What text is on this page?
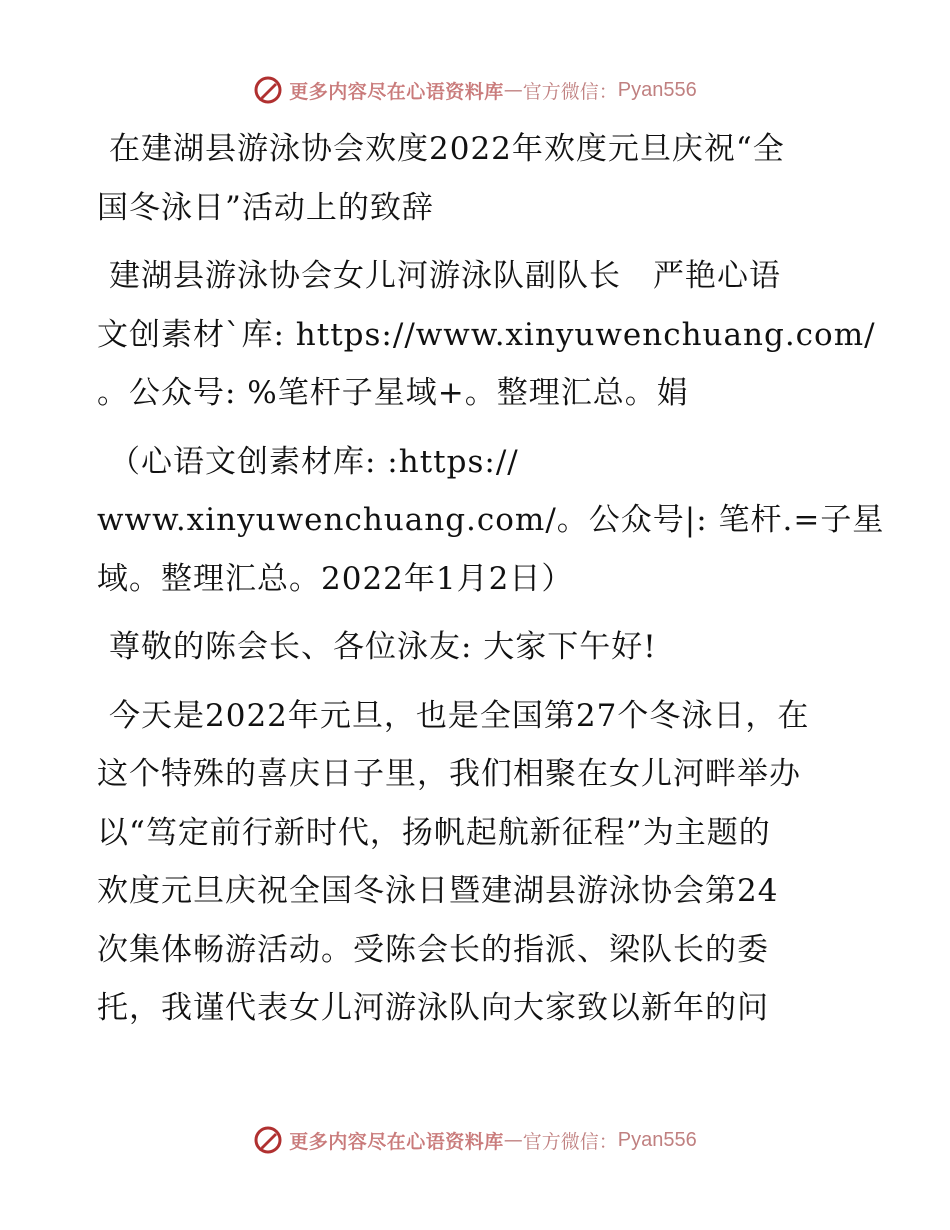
更多内容尽在心语资料库 — 官方微信： Pyan556
在建湖县游泳协会欢度2022年欢度元旦庆祝“全
国冬泳日”活动上的致辞
建湖县游泳协会女儿河游泳队副队长　严艳心语
文创素材`库: https://www.xinyuwenchuang.com/
。公众号: %笔杆子星域+。整理汇总。娟
（心语文创素材库: :https://
www.xinyuwenchuang.com/。公众号|: 笔杆.=子星
域。整理汇总。2022年1月2日）
尊敬的陈会长、各位泳友: 大家下午好!
今天是2022年元旦，也是全国第27个冬泳日，在
这个特殊的喜庆日子里，我们相聚在女儿河畔举办
以“笃定前行新时代，扬帆起航新征程”为主题的
欢度元旦庆祝全国冬泳日暨建湖县游泳协会第24
次集体畅游活动。受陈会长的指派、梁队长的委
托，我谨代表女儿河游泳队向大家致以新年的问
更多内容尽在心语资料库 — 官方微信： Pyan556
